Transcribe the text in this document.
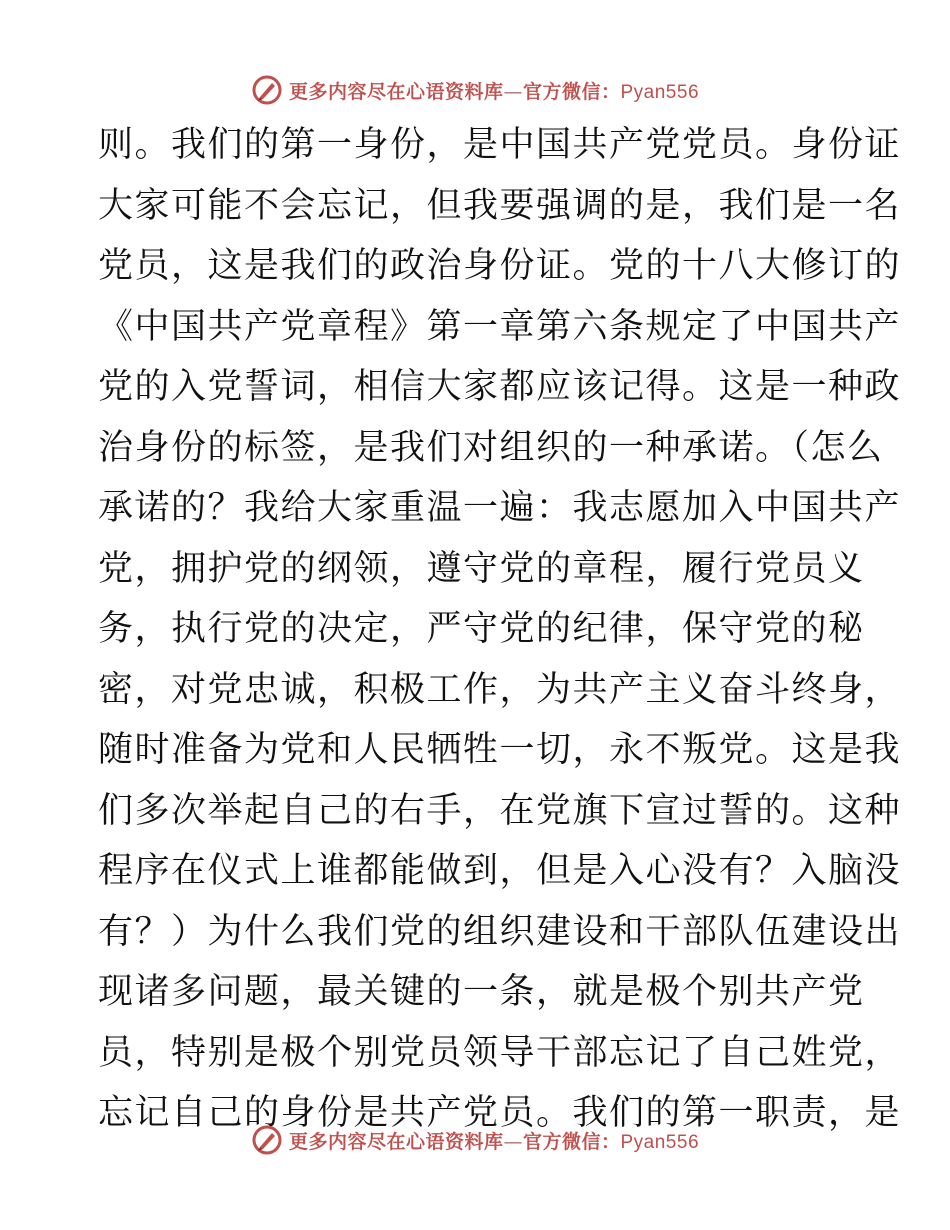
更多内容尽在心语资料库—官方微信：Pyan556
则。我们的第一身份，是中国共产党党员。身份证
大家可能不会忘记，但我要强调的是，我们是一名
党员，这是我们的政治身份证。党的十八大修订的
《中国共产党章程》第一章第六条规定了中国共产
党的入党誓词，相信大家都应该记得。这是一种政
治身份的标签，是我们对组织的一种承诺。（怎么
承诺的？我给大家重温一遍：我志愿加入中国共产
党，拥护党的纲领，遵守党的章程，履行党员义
务，执行党的决定，严守党的纪律，保守党的秘
密，对党忠诚，积极工作，为共产主义奋斗终身，
随时准备为党和人民牺牲一切，永不叛党。这是我
们多次举起自己的右手，在党旗下宣过誓的。这种
程序在仪式上谁都能做到，但是入心没有？入脑没
有？）为什么我们党的组织建设和干部队伍建设出
现诸多问题，最关键的一条，就是极个别共产党
员，特别是极个别党员领导干部忘记了自己姓党，
忘记自己的身份是共产党员。我们的第一职责，是
更多内容尽在心语资料库—官方微信：Pyan556
